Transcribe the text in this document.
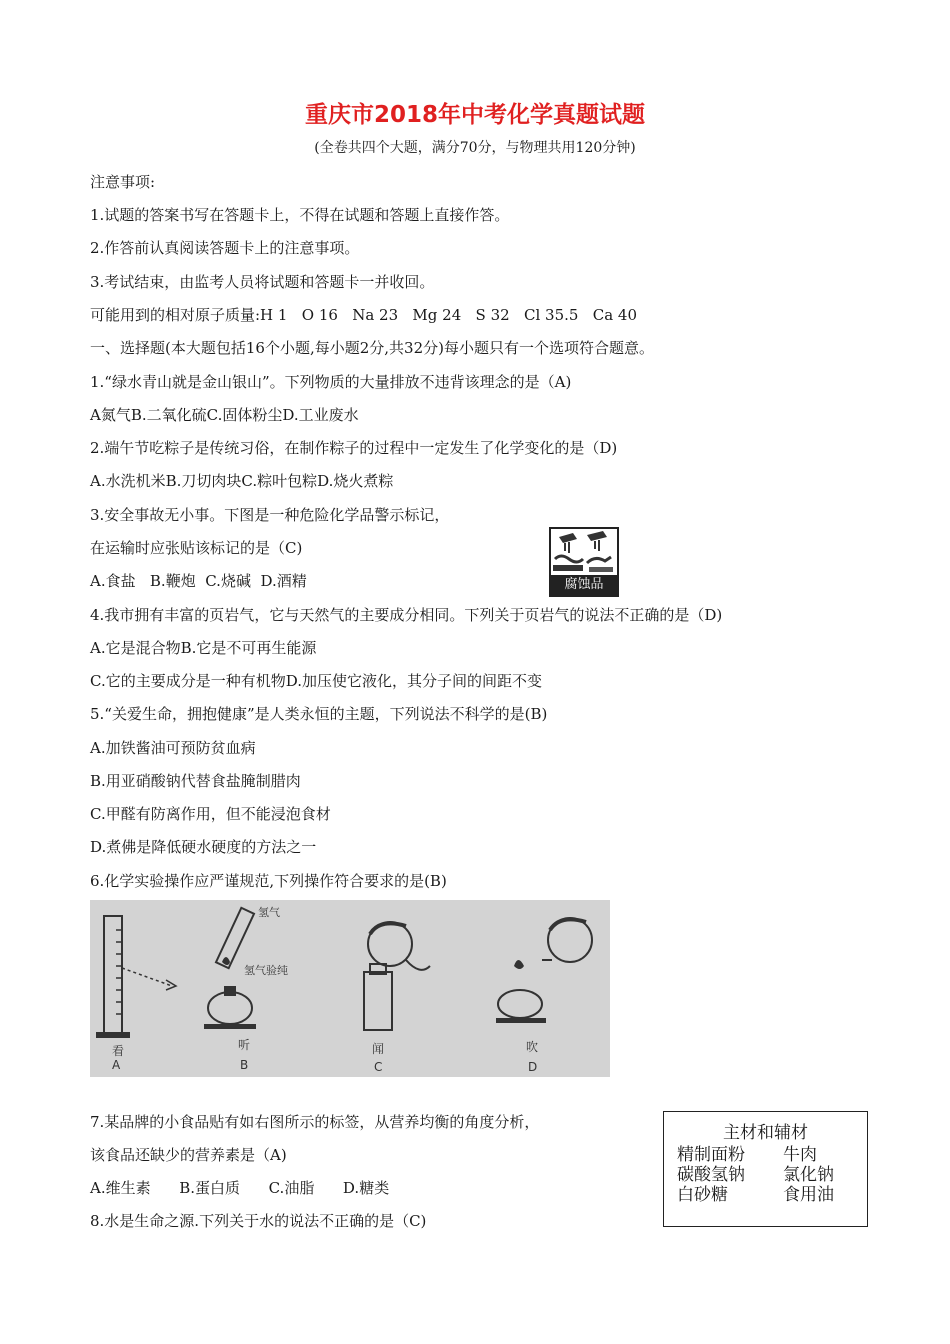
重庆市2018年中考化学真题试题
(全卷共四个大题，满分70分，与物理共用120分钟)
注意事项:
1.试题的答案书写在答题卡上，不得在试题和答题上直接作答。
2.作答前认真阅读答题卡上的注意事项。
3.考试结束，由监考人员将试题和答题卡一并收回。
可能用到的相对原子质量:H 1   O 16   Na 23   Mg 24   S 32   Cl 35.5   Ca 40
一、选择题(本大题包括16个小题,每小题2分,共32分)每小题只有一个选项符合题意。
1.“绿水青山就是金山银山”。下列物质的大量排放不违背该理念的是（A)
A氮气B.二氧化硫C.固体粉尘D.工业废水
2.端午节吃粽子是传统习俗，在制作粽子的过程中一定发生了化学变化的是（D)
A.水洗机米B.刀切肉块C.粽叶包粽D.烧火煮粽
3.安全事故无小事。下图是一种危险化学品警示标记，
在运输时应张贴该标记的是（C)
A.食盐   B.鞭炮  C.烧碱  D.酒精	腐蚀品
4.我市拥有丰富的页岩气，它与天然气的主要成分相同。下列关于页岩气的说法不正确的是（D)
A.它是混合物B.它是不可再生能源
C.它的主要成分是一种有机物D.加压使它液化，其分子间的间距不变
5.“关爱生命，拥抱健康”是人类永恒的主题，下列说法不科学的是(B)
A.加铁酱油可预防贫血病
B.用亚硝酸钠代替食盐腌制腊肉
C.甲醛有防离作用，但不能浸泡食材
D.煮佛是降低硬水硬度的方法之一
6.化学实验操作应严谨规范,下列操作符合要求的是(B)
氢气
氢气验纯
看
A
听
B
闻
C
吹
D
7.某品牌的小食品贴有如右图所示的标签，从营养均衡的角度分析，
该食品还缺少的营养素是（A)
A.维生素      B.蛋白质      C.油脂      D.糖类
主材和辅材
精制面粉 牛肉
碳酸氢钠 氯化钠
白砂糖	食用油
8.水是生命之源.下列关于水的说法不正确的是（C)
